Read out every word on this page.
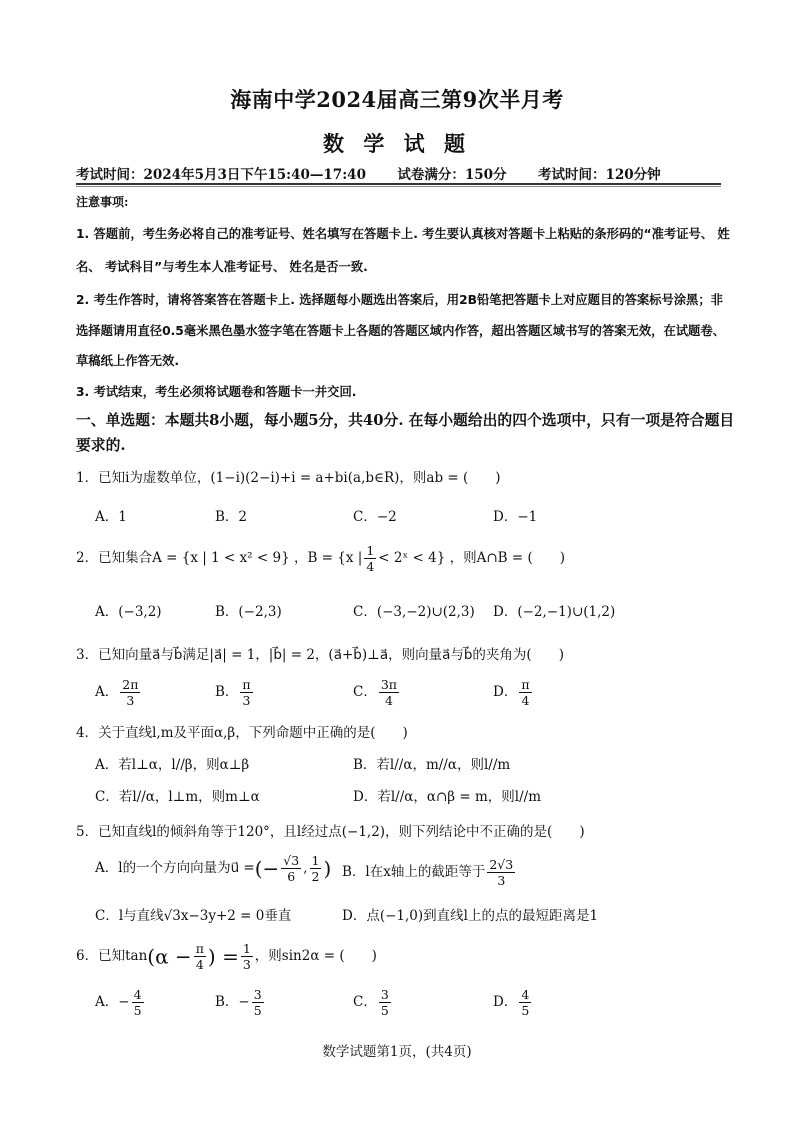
海南中学2024届高三第9次半月考
数 学 试 题
考试时间：2024年5月3日下午15:40—17:40 试卷满分：150分 考试时间：120分钟
注意事项:
1. 答题前，考生务必将自己的准考证号、姓名填写在答题卡上. 考生要认真核对答题卡上粘贴的条形码的“准考证号、 姓
名、 考试科目”与考生本人准考证号、 姓名是否一致.
2. 考生作答时，请将答案答在答题卡上. 选择题每小题选出答案后，用2B铅笔把答题卡上对应题目的答案标号涂黑；非
选择题请用直径0.5毫米黑色墨水签字笔在答题卡上各题的答题区域内作答，超出答题区域书写的答案无效，在试题卷、
草稿纸上作答无效.
3. 考试结束，考生必须将试题卷和答题卡一并交回.
一、单选题：本题共8小题，每小题5分，共40分. 在每小题给出的四个选项中，只有一项是符合题目
要求的.
1．已知i为虚数单位，(1−i)(2−i)+i = a+bi(a,b∈R)，则ab = (　　)
A．1	B．2	C．−2	D．−1
2．已知集合A = {x | 1 < x² < 9} ，B = {x | $\frac{1}{4}$ < 2ˣ < 4} ，则A∩B = (　　)
A．(−3,2)	B．(−2,3)	C．(−3,−2)∪(2,3) D．(−2,−1)∪(1,2)
3．已知向量a⃗与b⃗满足|a⃗| = 1，|b⃗| = 2，(a⃗+b⃗)⊥a⃗，则向量a⃗与b⃗的夹角为(　　)
A． $\frac{2\pi}{3}$	B． $\frac{\pi}{3}$	C． $\frac{3\pi}{4}$	D． $\frac{\pi}{4}$
4．关于直线l,m及平面α,β，下列命题中正确的是(　　)
A．若l⊥α，l//β，则α⊥β	B．若l//α，m//α，则l//m
C．若l//α，l⊥m，则m⊥α	D．若l//α，α∩β = m，则l//m
5．已知直线l的倾斜角等于120°，且l经过点(−1,2)，则下列结论中不正确的是(　　)
A．l的一个方向向量为u⃗ =(− $\frac{√3}{6}$ , $\frac{1}{2}$ ) B．l在x轴上的截距等于 $\frac{2√3}{3}$
C．l与直线√3x−3y+2 = 0垂直	D．点(−1,0)到直线l上的点的最短距离是1
6．已知$\tan(\alpha - \frac{\pi}{4}$ ) = $\frac{1}{3}$ ，则sin2α = (　　)
A．− $\frac{4}{5}$	B．− $\frac{3}{5}$	C． $\frac{3}{5}$	D． $\frac{4}{5}$
数学试题第1页，(共4页)
